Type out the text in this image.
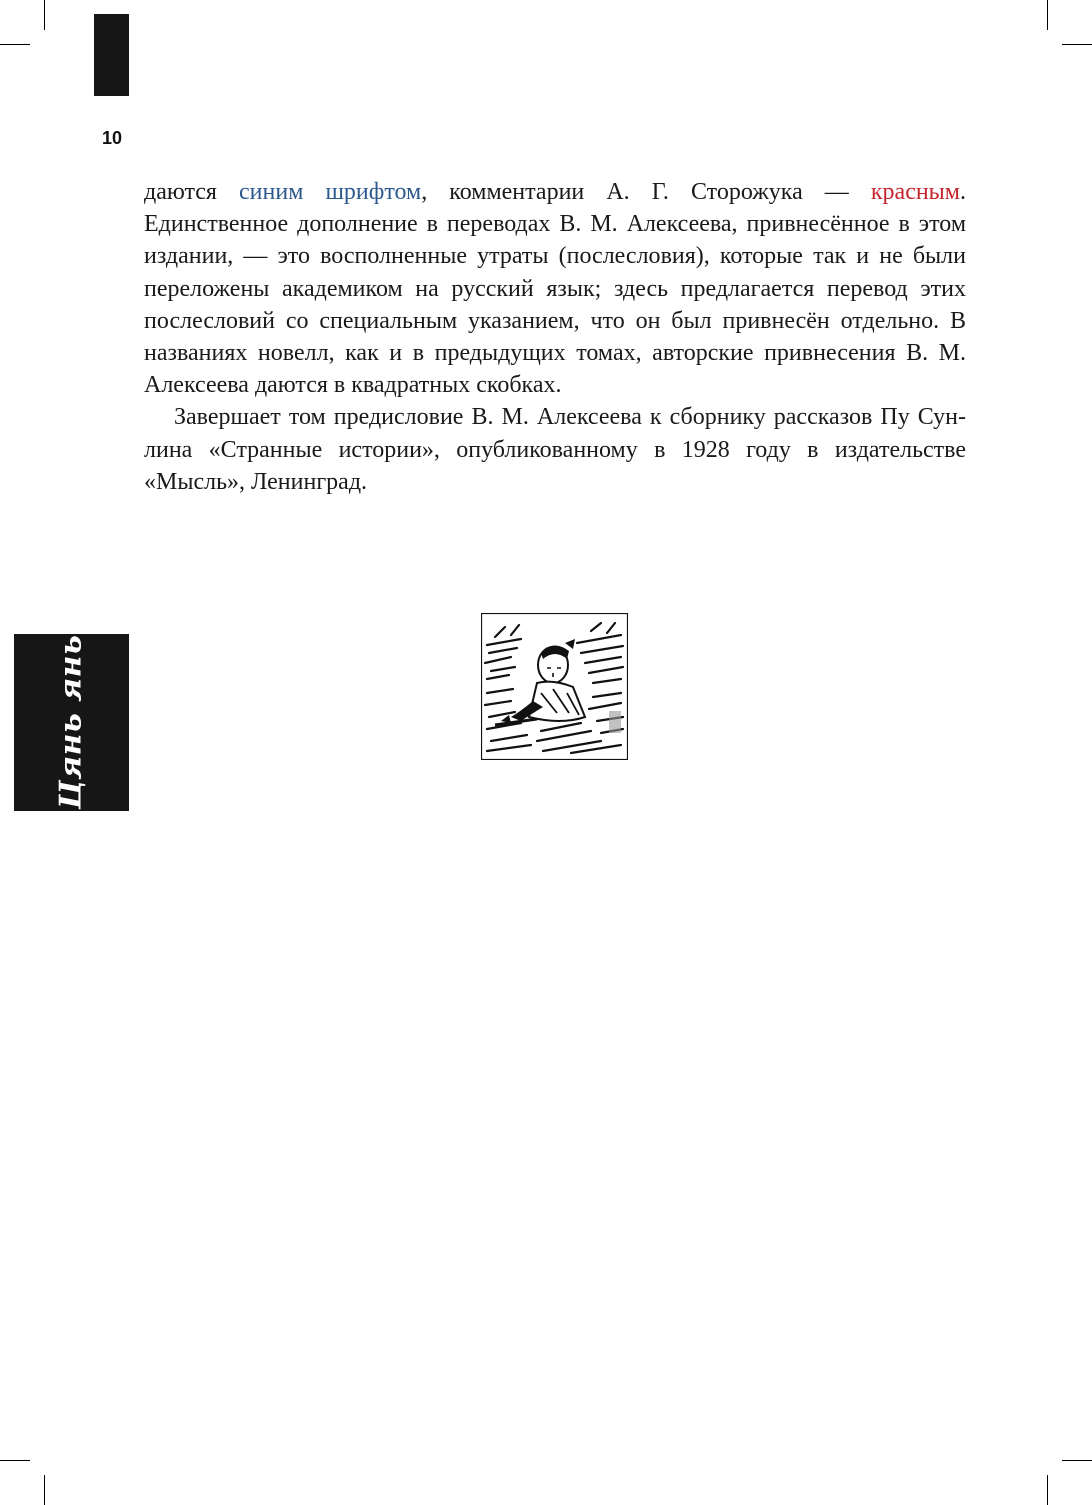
10

даются синим шрифтом, комментарии А. Г. Сторожука — красным. Единственное дополнение в переводах В. М. Алексеева, привнесённое в этом издании, — это восполненные утраты (послесловия), которые так и не были переложены академиком на русский язык; здесь предлагается перевод этих послесловий со специальным указанием, что он был привнесён отдельно. В названиях новелл, как и в предыдущих томах, авторские привнесения В. М. Алексеева даются в квадратных скобках.

Завершает том предисловие В. М. Алексеева к сборнику рассказов Пу Сун-лина «Странные истории», опубликованному в 1928 году в издательстве «Мысль», Ленинград.

Цянь янь
